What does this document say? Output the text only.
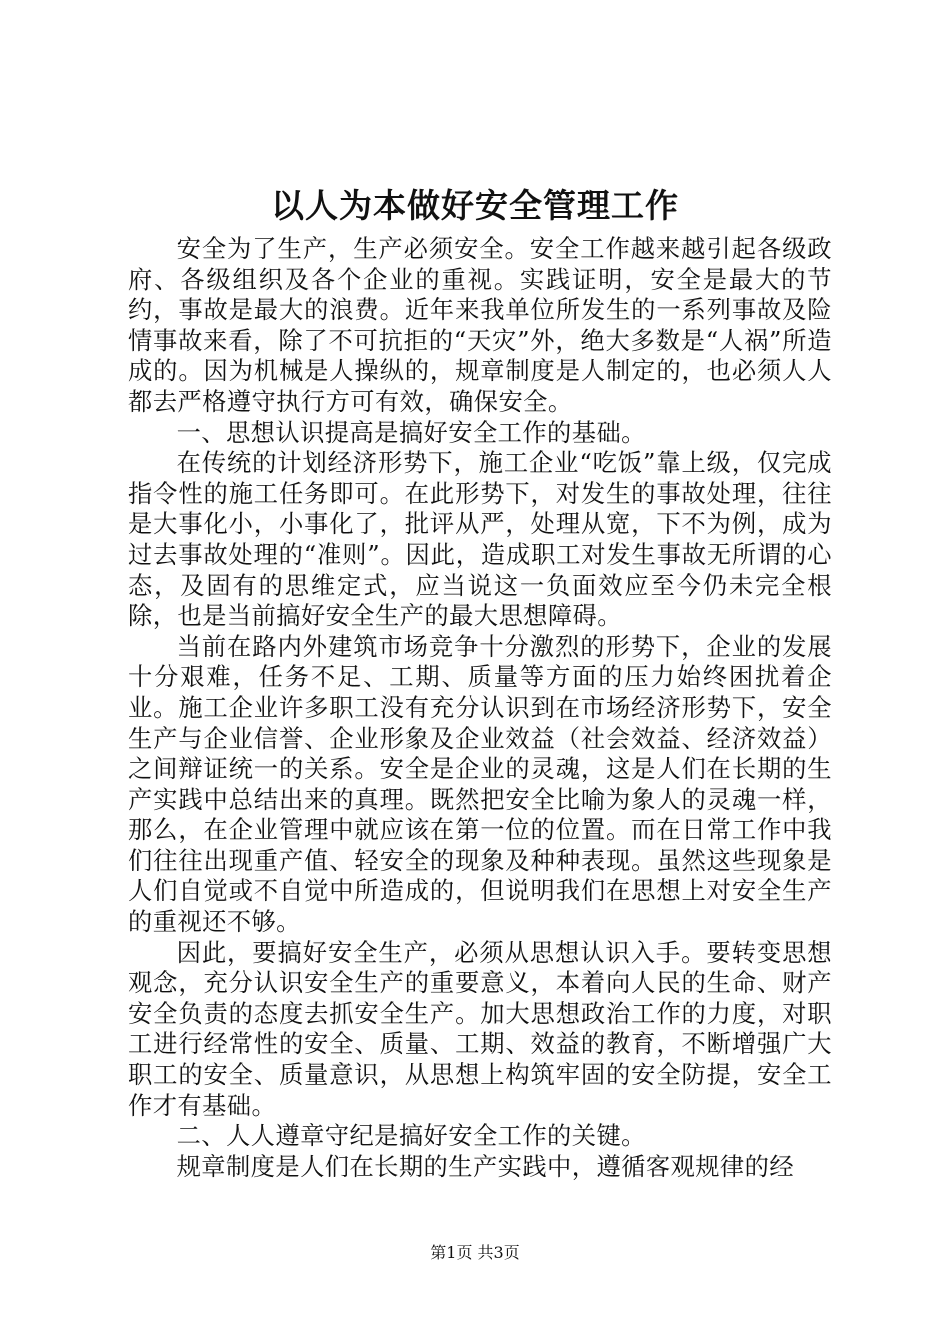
以人为本做好安全管理工作

安全为了生产，生产必须安全。安全工作越来越引起各级政府、各级组织及各个企业的重视。实践证明，安全是最大的节约，事故是最大的浪费。近年来我单位所发生的一系列事故及险情事故来看，除了不可抗拒的“天灾”外，绝大多数是“人祸”所造成的。因为机械是人操纵的，规章制度是人制定的，也必须人人都去严格遵守执行方可有效，确保安全。

一、思想认识提高是搞好安全工作的基础。

在传统的计划经济形势下，施工企业“吃饭”靠上级，仅完成指令性的施工任务即可。在此形势下，对发生的事故处理，往往是大事化小，小事化了，批评从严，处理从宽，下不为例，成为过去事故处理的“准则”。因此，造成职工对发生事故无所谓的心态，及固有的思维定式，应当说这一负面效应至今仍未完全根除，也是当前搞好安全生产的最大思想障碍。

当前在路内外建筑市场竞争十分激烈的形势下，企业的发展十分艰难，任务不足、工期、质量等方面的压力始终困扰着企业。施工企业许多职工没有充分认识到在市场经济形势下，安全生产与企业信誉、企业形象及企业效益（社会效益、经济效益）之间辩证统一的关系。安全是企业的灵魂，这是人们在长期的生产实践中总结出来的真理。既然把安全比喻为象人的灵魂一样，那么，在企业管理中就应该在第一位的位置。而在日常工作中我们往往出现重产值、轻安全的现象及种种表现。虽然这些现象是人们自觉或不自觉中所造成的，但说明我们在思想上对安全生产的重视还不够。

因此，要搞好安全生产，必须从思想认识入手。要转变思想观念，充分认识安全生产的重要意义，本着向人民的生命、财产安全负责的态度去抓安全生产。加大思想政治工作的力度，对职工进行经常性的安全、质量、工期、效益的教育，不断增强广大职工的安全、质量意识，从思想上构筑牢固的安全防提，安全工作才有基础。

二、人人遵章守纪是搞好安全工作的关键。

规章制度是人们在长期的生产实践中，遵循客观规律的经

第1页 共3页
